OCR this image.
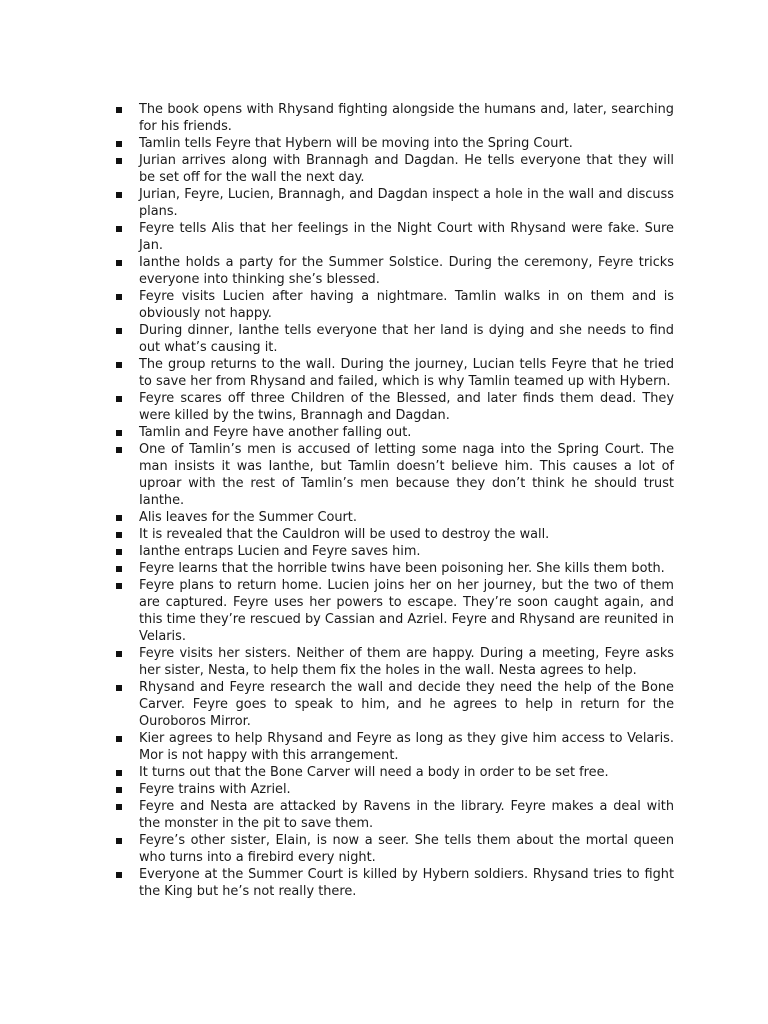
The book opens with Rhysand fighting alongside the humans and, later, searching for his friends.
Tamlin tells Feyre that Hybern will be moving into the Spring Court.
Jurian arrives along with Brannagh and Dagdan. He tells everyone that they will be set off for the wall the next day.
Jurian, Feyre, Lucien, Brannagh, and Dagdan inspect a hole in the wall and discuss plans.
Feyre tells Alis that her feelings in the Night Court with Rhysand were fake. Sure Jan.
Ianthe holds a party for the Summer Solstice. During the ceremony, Feyre tricks everyone into thinking she’s blessed.
Feyre visits Lucien after having a nightmare. Tamlin walks in on them and is obviously not happy.
During dinner, Ianthe tells everyone that her land is dying and she needs to find out what’s causing it.
The group returns to the wall. During the journey, Lucian tells Feyre that he tried to save her from Rhysand and failed, which is why Tamlin teamed up with Hybern.
Feyre scares off three Children of the Blessed, and later finds them dead. They were killed by the twins, Brannagh and Dagdan.
Tamlin and Feyre have another falling out.
One of Tamlin’s men is accused of letting some naga into the Spring Court. The man insists it was Ianthe, but Tamlin doesn’t believe him. This causes a lot of uproar with the rest of Tamlin’s men because they don’t think he should trust Ianthe.
Alis leaves for the Summer Court.
It is revealed that the Cauldron will be used to destroy the wall.
Ianthe entraps Lucien and Feyre saves him.
Feyre learns that the horrible twins have been poisoning her. She kills them both.
Feyre plans to return home. Lucien joins her on her journey, but the two of them are captured. Feyre uses her powers to escape. They’re soon caught again, and this time they’re rescued by Cassian and Azriel. Feyre and Rhysand are reunited in Velaris.
Feyre visits her sisters. Neither of them are happy. During a meeting, Feyre asks her sister, Nesta, to help them fix the holes in the wall. Nesta agrees to help.
Rhysand and Feyre research the wall and decide they need the help of the Bone Carver. Feyre goes to speak to him, and he agrees to help in return for the Ouroboros Mirror.
Kier agrees to help Rhysand and Feyre as long as they give him access to Velaris. Mor is not happy with this arrangement.
It turns out that the Bone Carver will need a body in order to be set free.
Feyre trains with Azriel.
Feyre and Nesta are attacked by Ravens in the library. Feyre makes a deal with the monster in the pit to save them.
Feyre’s other sister, Elain, is now a seer. She tells them about the mortal queen who turns into a firebird every night.
Everyone at the Summer Court is killed by Hybern soldiers. Rhysand tries to fight the King but he’s not really there.
